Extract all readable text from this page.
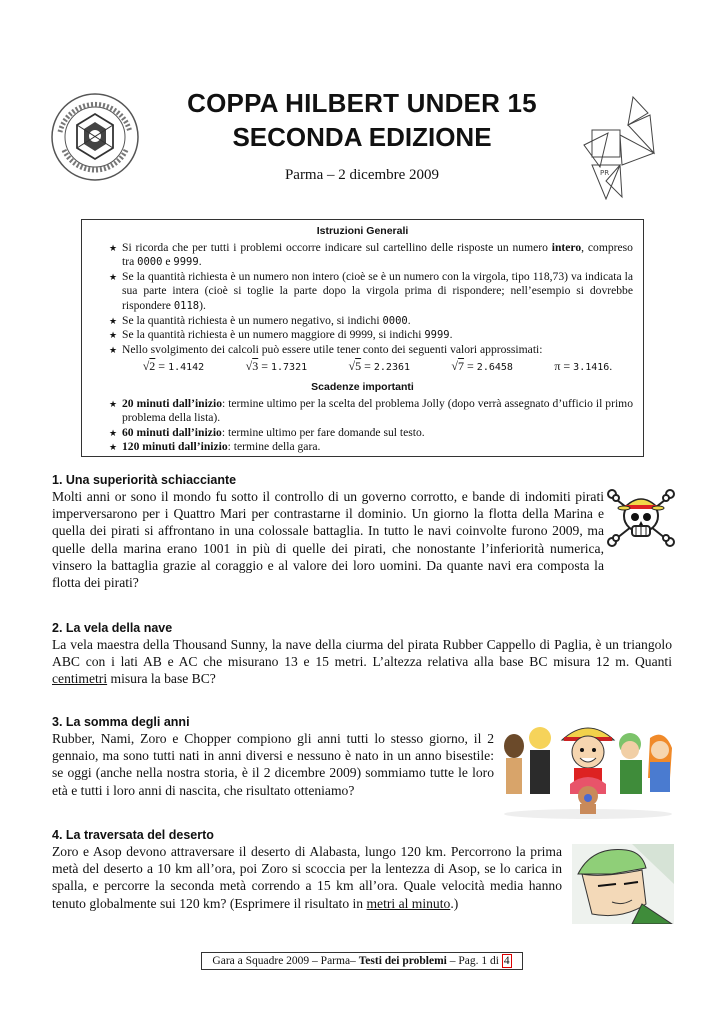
COPPA HILBERT UNDER 15
SECONDA EDIZIONE
Parma – 2 dicembre 2009	PR
Istruzioni Generali
★ Si ricorda che per tutti i problemi occorre indicare sul cartellino delle risposte un numero intero, compreso tra 0000 e 9999.
★ Se la quantità richiesta è un numero non intero (cioè se è un numero con la virgola, tipo 118,73) va indicata la sua parte intera (cioè si toglie la parte dopo la virgola prima di rispondere; nell’esempio si dovrebbe rispondere 0118).
★ Se la quantità richiesta è un numero negativo, si indichi 0000.
★ Se la quantità richiesta è un numero maggiore di 9999, si indichi 9999.
★ Nello svolgimento dei calcoli può essere utile tener conto dei seguenti valori approssimati:
√2 = 1.4142	√3 = 1.7321	√5 = 2.2361	√7 = 2.6458	π = 3.1416.
Scadenze importanti
★ 20 minuti dall’inizio: termine ultimo per la scelta del problema Jolly (dopo verrà assegnato d’ufficio il primo problema della lista).
★ 60 minuti dall’inizio: termine ultimo per fare domande sul testo.
★ 120 minuti dall’inizio: termine della gara.
1. Una superiorità schiacciante
Molti anni or sono il mondo fu sotto il controllo di un governo corrotto, e bande di indomiti pirati imperversarono per i Quattro Mari per contrastarne il dominio. Un giorno la flotta della Marina e quella dei pirati si affrontano in una colossale battaglia. In tutto le navi coinvolte furono 2009, ma quelle della marina erano 1001 in più di quelle dei pirati, che nonostante l’inferiorità numerica, vinsero la battaglia grazie al coraggio e al valore dei loro uomini. Da quante navi era composta la flotta dei pirati?
2. La vela della nave
La vela maestra della Thousand Sunny, la nave della ciurma del pirata Rubber Cappello di Paglia, è un triangolo ABC con i lati AB e AC che misurano 13 e 15 metri. L’altezza relativa alla base BC misura 12 m. Quanti centimetri misura la base BC?
3. La somma degli anni
Rubber, Nami, Zoro e Chopper compiono gli anni tutti lo stesso giorno, il 2 gennaio, ma sono tutti nati in anni diversi e nessuno è nato in un anno bisestile: se oggi (anche nella nostra storia, è il 2 dicembre 2009) sommiamo tutte le loro età e tutti i loro anni di nascita, che risultato otteniamo?
4. La traversata del deserto
Zoro e Asop devono attraversare il deserto di Alabasta, lungo 120 km. Percorrono la prima metà del deserto a 10 km all’ora, poi Zoro si scoccia per la lentezza di Asop, se lo carica in spalla, e percorre la seconda metà correndo a 15 km all’ora. Quale velocità media hanno tenuto globalmente sui 120 km? (Esprimere il risultato in metri al minuto.)
Gara a Squadre 2009 – Parma– Testi dei problemi – Pag. 1 di 4
